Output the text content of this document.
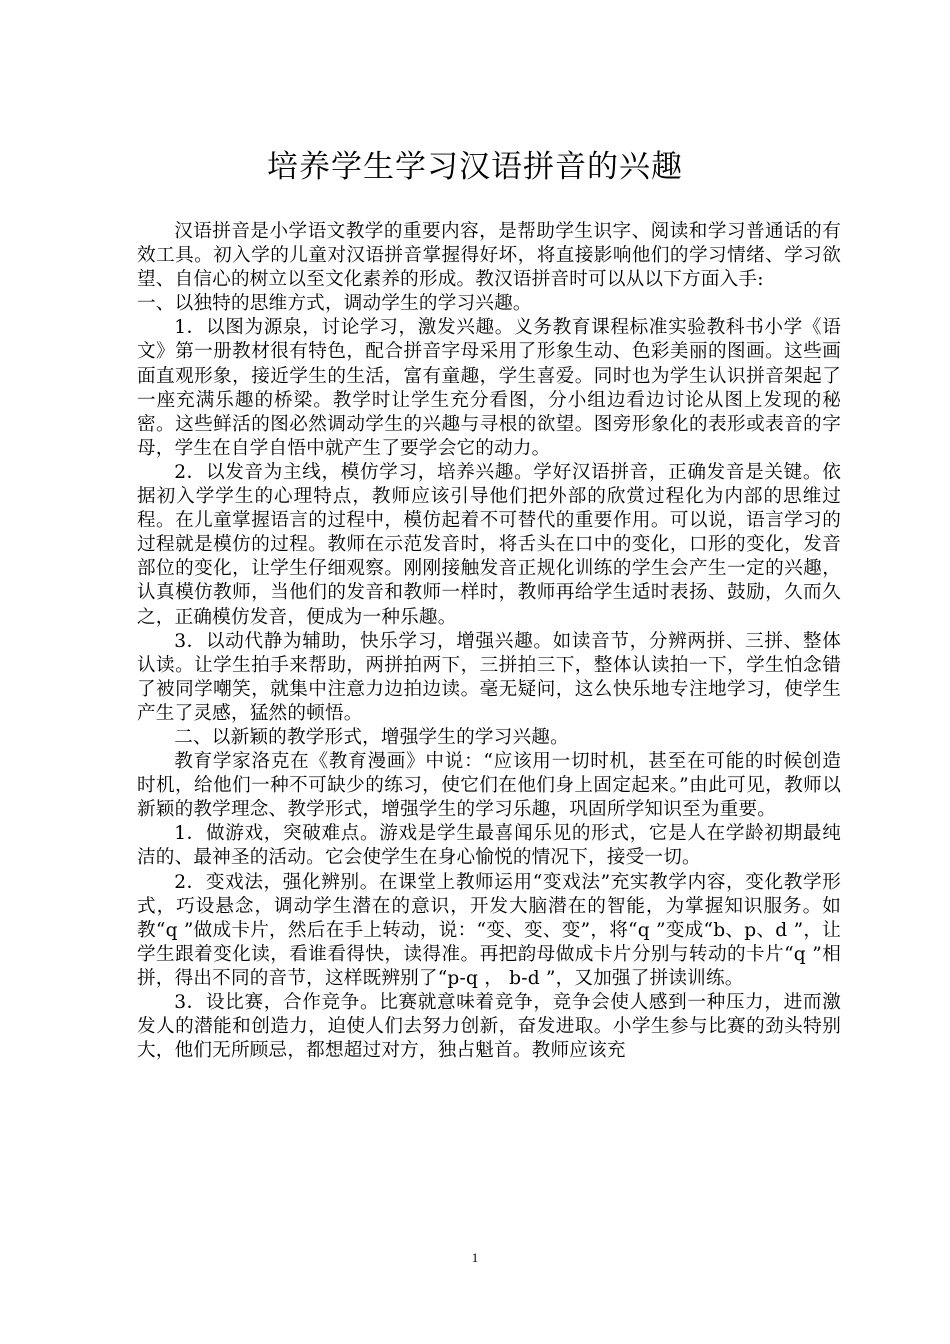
培养学生学习汉语拼音的兴趣

汉语拼音是小学语文教学的重要内容，是帮助学生识字、阅读和学习普通话的有效工具。初入学的儿童对汉语拼音掌握得好坏，将直接影响他们的学习情绪、学习欲望、自信心的树立以至文化素养的形成。教汉语拼音时可以从以下方面入手:

一、以独特的思维方式，调动学生的学习兴趣。

1．以图为源泉，讨论学习，激发兴趣。义务教育课程标准实验教科书小学《语文》第一册教材很有特色，配合拼音字母采用了形象生动、色彩美丽的图画。这些画面直观形象，接近学生的生活，富有童趣，学生喜爱。同时也为学生认识拼音架起了一座充满乐趣的桥梁。教学时让学生充分看图，分小组边看边讨论从图上发现的秘密。这些鲜活的图必然调动学生的兴趣与寻根的欲望。图旁形象化的表形或表音的字母，学生在自学自悟中就产生了要学会它的动力。

2．以发音为主线，模仿学习，培养兴趣。学好汉语拼音，正确发音是关键。依据初入学学生的心理特点，教师应该引导他们把外部的欣赏过程化为内部的思维过程。在儿童掌握语言的过程中，模仿起着不可替代的重要作用。可以说，语言学习的过程就是模仿的过程。教师在示范发音时，将舌头在口中的变化，口形的变化，发音部位的变化，让学生仔细观察。刚刚接触发音正规化训练的学生会产生一定的兴趣，认真模仿教师，当他们的发音和教师一样时，教师再给学生适时表扬、鼓励，久而久之，正确模仿发音，便成为一种乐趣。

3．以动代静为辅助，快乐学习，增强兴趣。如读音节，分辨两拼、三拼、整体认读。让学生拍手来帮助，两拼拍两下，三拼拍三下，整体认读拍一下，学生怕念错了被同学嘲笑，就集中注意力边拍边读。毫无疑问，这么快乐地专注地学习，使学生产生了灵感，猛然的顿悟。

二、以新颖的教学形式，增强学生的学习兴趣。

教育学家洛克在《教育漫画》中说：“应该用一切时机，甚至在可能的时候创造时机，给他们一种不可缺少的练习，使它们在他们身上固定起来。”由此可见，教师以新颖的教学理念、教学形式，增强学生的学习乐趣，巩固所学知识至为重要。

1．做游戏，突破难点。游戏是学生最喜闻乐见的形式，它是人在学龄初期最纯洁的、最神圣的活动。它会使学生在身心愉悦的情况下，接受一切。

2．变戏法，强化辨别。在课堂上教师运用“变戏法”充实教学内容，变化教学形式，巧设悬念，调动学生潜在的意识，开发大脑潜在的智能，为掌握知识服务。如教“q ”做成卡片，然后在手上转动，说：“变、变、变”，将“q ”变成“b、p、d ”，让学生跟着变化读，看谁看得快，读得准。再把韵母做成卡片分别与转动的卡片“q ”相拼，得出不同的音节，这样既辨别了“p-q ， b-d ”，又加强了拼读训练。

3．设比赛，合作竞争。比赛就意味着竞争，竞争会使人感到一种压力，进而激发人的潜能和创造力，迫使人们去努力创新，奋发进取。小学生参与比赛的劲头特别大，他们无所顾忌，都想超过对方，独占魁首。教师应该充

1
